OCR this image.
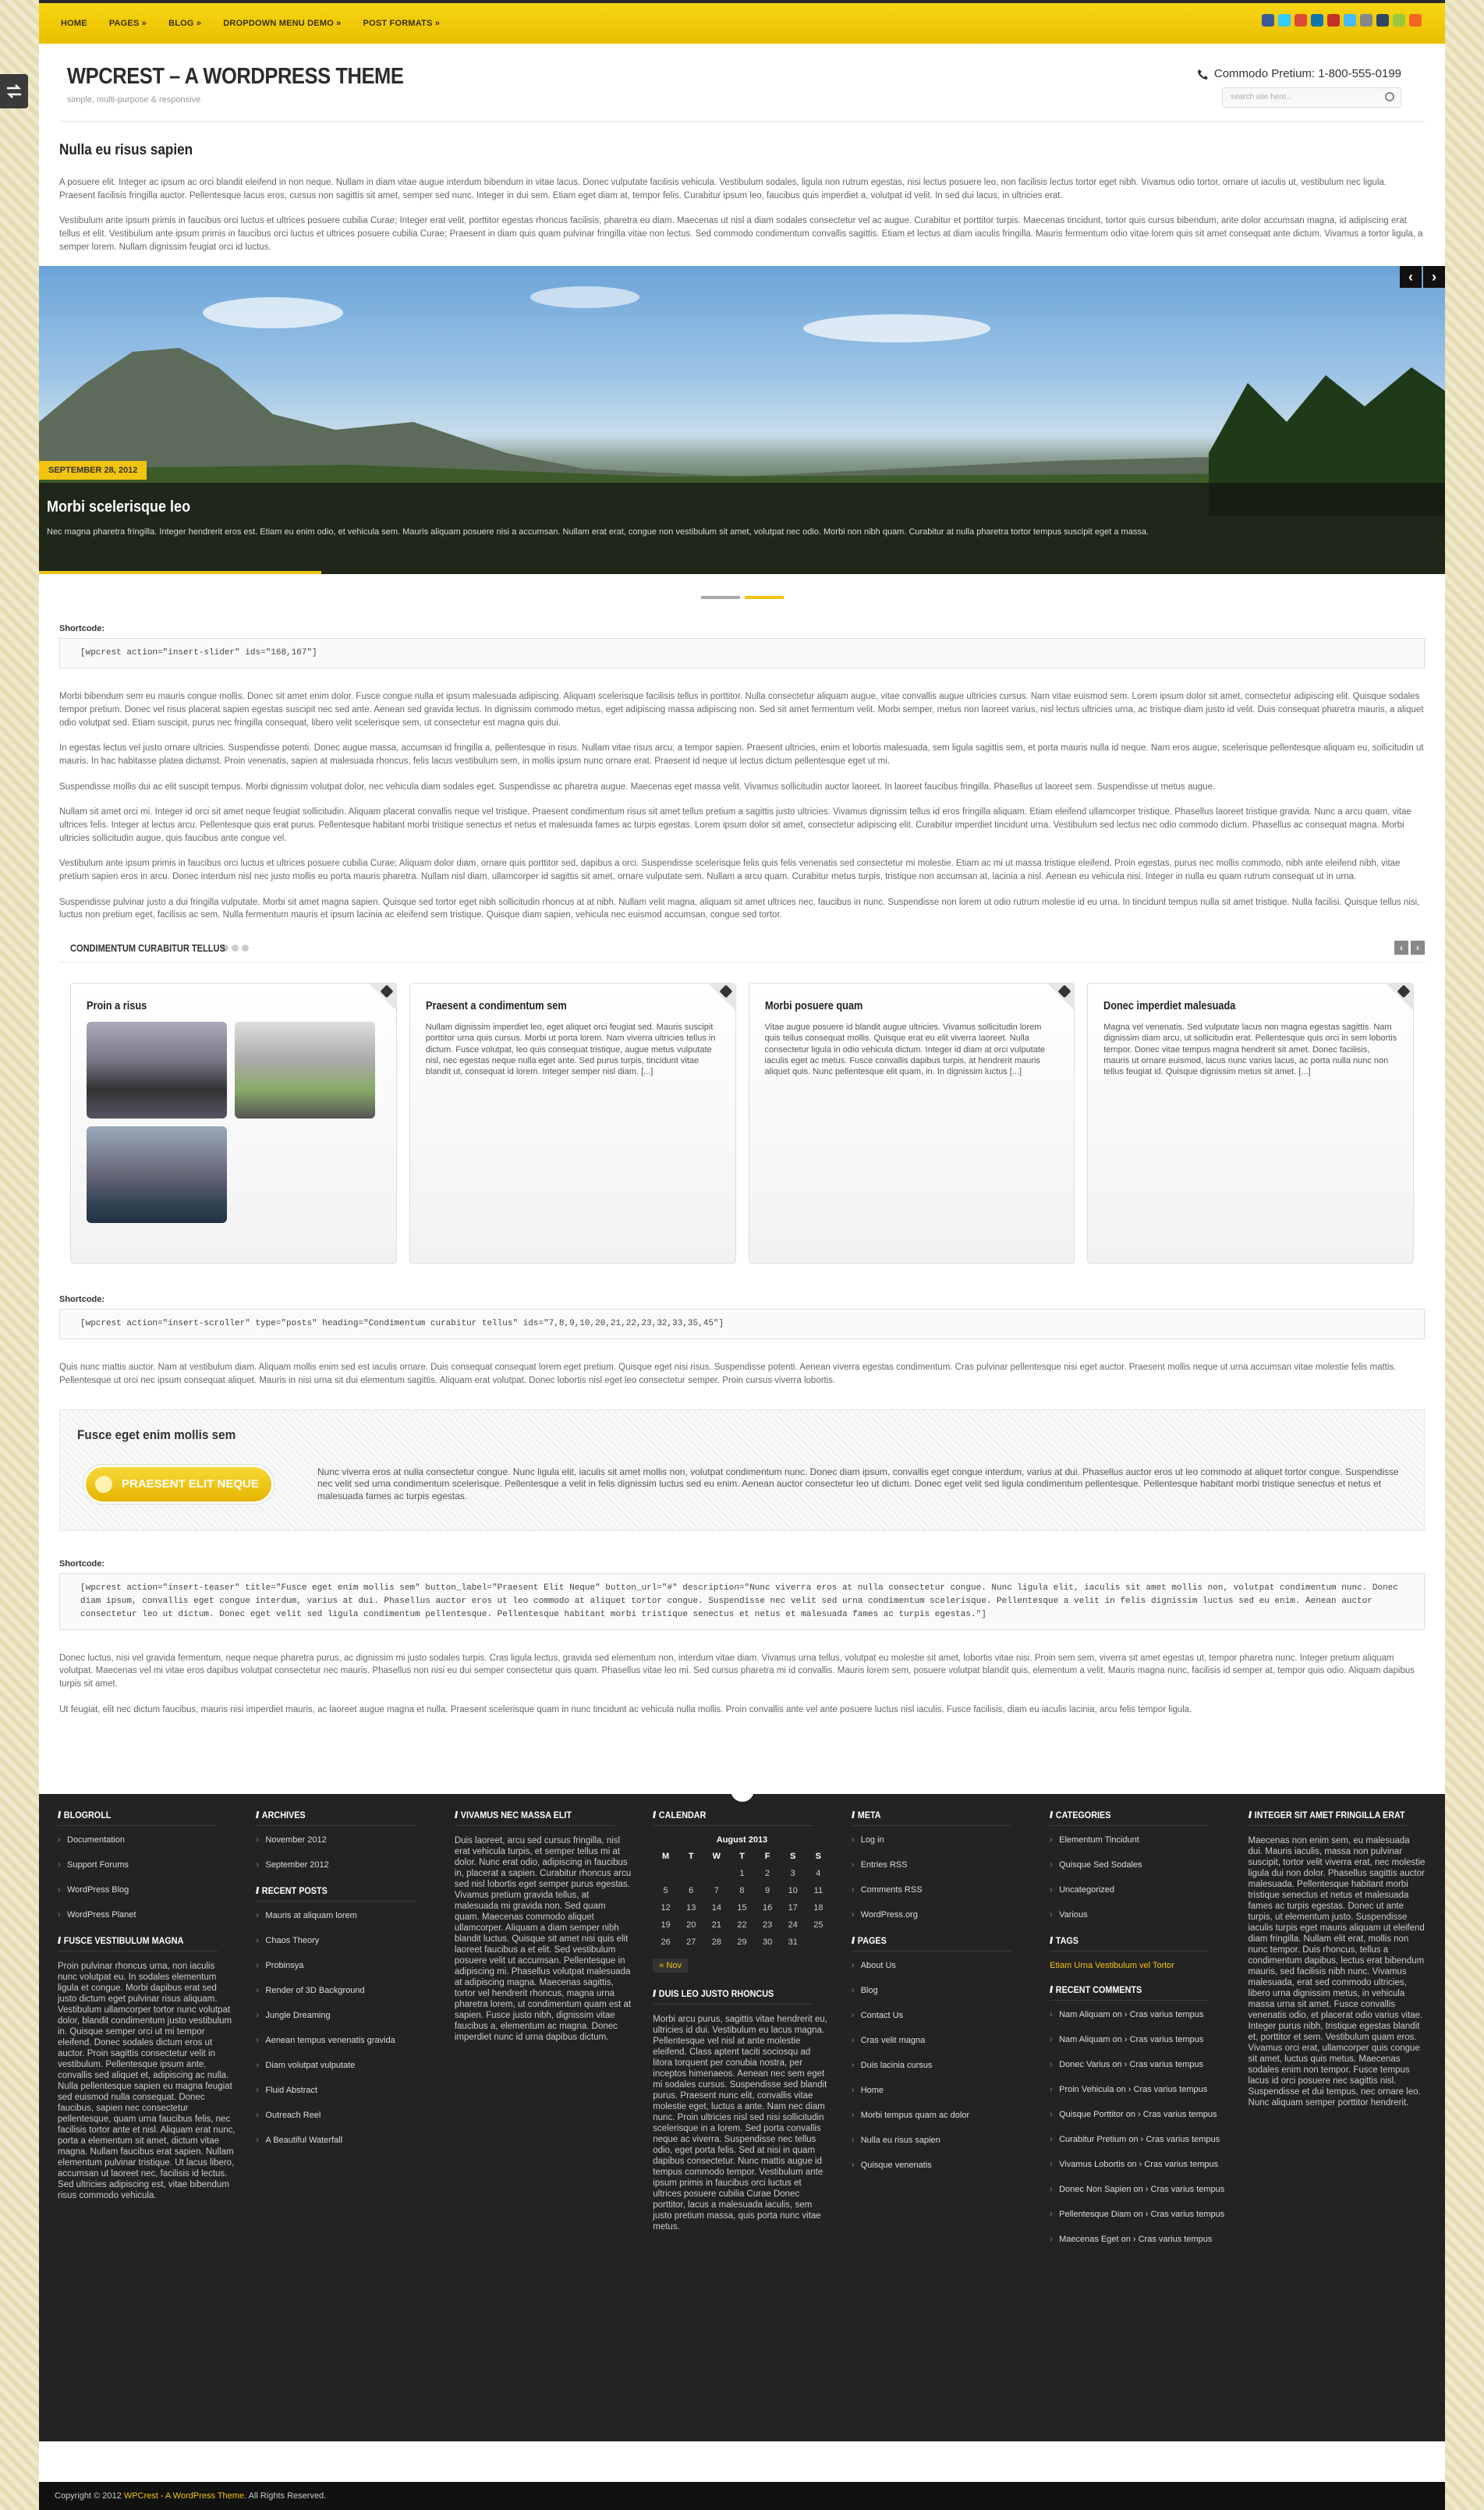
HOME	PAGES »	BLOG »	DROPDOWN MENU DEMO »	POST FORMATS »
WPCREST – A WORDPRESS THEME
simple, multi-purpose & responsive
Commodo Pretium: 1-800-555-0199
search site here...
Nulla eu risus sapien

A posuere elit. Integer ac ipsum ac orci blandit eleifend in non neque. Nullam in diam vitae augue interdum bibendum in vitae lacus. Donec vulputate facilisis vehicula. Vestibulum sodales, ligula non rutrum egestas, nisi lectus posuere leo, non facilisis lectus tortor eget nibh. Vivamus odio tortor, ornare ut iaculis ut, vestibulum nec ligula. Praesent facilisis fringilla auctor. Pellentesque lacus eros, cursus non sagittis sit amet, semper sed nunc. Integer in dui sem. Etiam eget diam at, tempor felis. Curabitur ipsum leo, faucibus quis imperdiet a, volutpat id velit. In sed dui lacus, in ultricies erat.

Vestibulum ante ipsum primis in faucibus orci luctus et ultrices posuere cubilia Curae; Integer erat velit, porttitor egestas rhoncus facilisis, pharetra eu diam. Maecenas ut nisl a diam sodales consectetur vel ac augue. Curabitur et porttitor turpis. Maecenas tincidunt, tortor quis cursus bibendum, ante dolor accumsan magna, id adipiscing erat tellus et elit. Vestibulum ante ipsum primis in faucibus orci luctus et ultrices posuere cubilia Curae; Praesent in diam quis quam pulvinar fringilla vitae non lectus. Sed commodo condimentum convallis sagittis. Etiam et lectus at diam iaculis fringilla. Mauris fermentum odio vitae lorem quis sit amet consequat ante dictum. Vivamus a tortor ligula, a semper lorem. Nullam dignissim feugiat orci id luctus.

‹	›
SEPTEMBER 28, 2012
Morbi scelerisque leo
Nec magna pharetra fringilla. Integer hendrerit eros est. Etiam eu enim odio, et vehicula sem. Mauris aliquam posuere nisi a accumsan. Nullam erat erat, congue non vestibulum sit amet, volutpat nec odio. Morbi non nibh quam. Curabitur at nulla pharetra tortor tempus suscipit eget a massa.
Shortcode:
[wpcrest action="insert-slider" ids="168,167"]

Morbi bibendum sem eu mauris congue mollis. Donec sit amet enim dolor. Fusce congue nulla et ipsum malesuada adipiscing. Aliquam scelerisque facilisis tellus in porttitor. Nulla consectetur aliquam augue, vitae convallis augue ultricies cursus. Nam vitae euismod sem. Lorem ipsum dolor sit amet, consectetur adipiscing elit. Quisque sodales tempor pretium. Donec vel risus placerat sapien egestas suscipit nec sed ante. Aenean sed gravida lectus. In dignissim commodo metus, eget adipiscing massa adipiscing non. Sed sit amet fermentum velit. Morbi semper, metus non laoreet varius, nisl lectus ultricies urna, ac tristique diam justo id velit. Duis consequat pharetra mauris, a aliquet odio volutpat sed. Etiam suscipit, purus nec fringilla consequat, libero velit scelerisque sem, ut consectetur est magna quis dui.

In egestas lectus vel justo ornare ultricies. Suspendisse potenti. Donec augue massa, accumsan id fringilla a, pellentesque in risus. Nullam vitae risus arcu, a tempor sapien. Praesent ultricies, enim et lobortis malesuada, sem ligula sagittis sem, et porta mauris nulla id neque. Nam eros augue, scelerisque pellentesque aliquam eu, sollicitudin ut mauris. In hac habitasse platea dictumst. Proin venenatis, sapien at malesuada rhoncus, felis lacus vestibulum sem, in mollis ipsum nunc ornare erat. Praesent id neque ut lectus dictum pellentesque eget ut mi.

Suspendisse mollis dui ac elit suscipit tempus. Morbi dignissim volutpat dolor, nec vehicula diam sodales eget. Suspendisse ac pharetra augue. Maecenas eget massa velit. Vivamus sollicitudin auctor laoreet. In laoreet faucibus fringilla. Phasellus ut laoreet sem. Suspendisse ut metus augue.

Nullam sit amet orci mi. Integer id orci sit amet neque feugiat sollicitudin. Aliquam placerat convallis neque vel tristique. Praesent condimentum risus sit amet tellus pretium a sagittis justo ultricies. Vivamus dignissim tellus id eros fringilla aliquam. Etiam eleifend ullamcorper tristique. Phasellus laoreet tristique gravida. Nunc a arcu quam, vitae ultrices felis. Integer at lectus arcu. Pellentesque quis erat purus. Pellentesque habitant morbi tristique senectus et netus et malesuada fames ac turpis egestas. Lorem ipsum dolor sit amet, consectetur adipiscing elit. Curabitur imperdiet tincidunt urna. Vestibulum sed lectus nec odio commodo dictum. Phasellus ac consequat magna. Morbi ultricies sollicitudin augue, quis faucibus ante congue vel.

Vestibulum ante ipsum primis in faucibus orci luctus et ultrices posuere cubilia Curae; Aliquam dolor diam, ornare quis porttitor sed, dapibus a orci. Suspendisse scelerisque felis quis felis venenatis sed consectetur mi molestie. Etiam ac mi ut massa tristique eleifend. Proin egestas, purus nec mollis commodo, nibh ante eleifend nibh, vitae pretium sapien eros in arcu. Donec interdum nisl nec justo mollis eu porta mauris pharetra. Nullam nisl diam, ullamcorper id sagittis sit amet, ornare vulputate sem. Nullam a arcu quam. Curabitur metus turpis, tristique non accumsan at, lacinia a nisl. Aenean eu vehicula nisi. Integer in nulla eu quam rutrum consequat ut in urna.

Suspendisse pulvinar justo a dui fringilla vulputate. Morbi sit amet magna sapien. Quisque sed tortor eget nibh sollicitudin rhoncus at at nibh. Nullam velit magna, aliquam sit amet ultrices nec, faucibus in nunc. Suspendisse non lorem ut odio rutrum molestie id eu urna. In tincidunt tempus nulla sit amet tristique. Nulla facilisi. Quisque tellus nisi, luctus non pretium eget, facilisis ac sem. Nulla fermentum mauris et ipsum lacinia ac eleifend sem tristique. Quisque diam sapien, vehicula nec euismod accumsan, congue sed tortor.

CONDIMENTUM CURABITUR TELLUS	‹	›
Proin a risus	Praesent a condimentum sem
Nullam dignissim imperdiet leo, eget aliquet orci feugiat sed. Mauris suscipit porttitor urna quis cursus. Morbi ut porta lorem. Nam viverra ultricies tellus in dictum. Fusce volutpat, leo quis consequat tristique, augue metus vulputate nisl, nec egestas neque nulla eget ante. Sed purus turpis, tincidunt vitae blandit ut, consequat id lorem. Integer semper nisl diam. [...]
Morbi posuere quam
Vitae augue posuere id blandit augue ultricies. Vivamus sollicitudin lorem quis tellus consequat mollis. Quisque erat eu elit viverra laoreet. Nulla consectetur ligula in odio vehicula dictum. Integer id diam at orci vulputate iaculis eget ac metus. Fusce convallis dapibus turpis, at hendrerit mauris aliquet quis. Nunc pellentesque elit quam, in. In dignissim luctus [...]
Donec imperdiet malesuada
Magna vel venenatis. Sed vulputate lacus non magna egestas sagittis. Nam dignissim diam arcu, ut sollicitudin erat. Pellentesque quis orci in sem lobortis tempor. Donec vitae tempus magna hendrerit sit amet. Donec facilisis, mauris ut ornare euismod, lacus nunc varius lacus, ac porta nulla nunc non tellus feugiat id. Quisque dignissim metus sit amet. [...]
Shortcode:
[wpcrest action="insert-scroller" type="posts" heading="Condimentum curabitur tellus" ids="7,8,9,10,20,21,22,23,32,33,35,45"]

Quis nunc mattis auctor. Nam at vestibulum diam. Aliquam mollis enim sed est iaculis ornare. Duis consequat consequat lorem eget pretium. Quisque eget nisi risus. Suspendisse potenti. Aenean viverra egestas condimentum. Cras pulvinar pellentesque nisi eget auctor. Praesent mollis neque ut urna accumsan vitae molestie felis mattis. Pellentesque ut orci nec ipsum consequat aliquet. Mauris in nisi urna sit dui elementum sagittis. Aliquam erat volutpat. Donec lobortis nisl eget leo consectetur semper. Proin cursus viverra lobortis.

Fusce eget enim mollis sem
PRAESENT ELIT NEQUE
Nunc viverra eros at nulla consectetur congue. Nunc ligula elit, iaculis sit amet mollis non, volutpat condimentum nunc. Donec diam ipsum, convallis eget congue interdum, varius at dui. Phasellus auctor eros ut leo commodo at aliquet tortor congue. Suspendisse nec velit sed urna condimentum scelerisque. Pellentesque a velit in felis dignissim luctus sed eu enim. Aenean auctor consectetur leo ut dictum. Donec eget velit sed ligula condimentum pellentesque. Pellentesque habitant morbi tristique senectus et netus et malesuada fames ac turpis egestas.
Shortcode:
[wpcrest action="insert-teaser" title="Fusce eget enim mollis sem" button_label="Praesent Elit Neque" button_url="#" description="Nunc viverra eros at nulla consectetur congue. Nunc ligula elit, iaculis sit amet mollis non, volutpat condimentum nunc. Donec diam ipsum, convallis eget congue interdum, varius at dui. Phasellus auctor eros ut leo commodo at aliquet tortor congue. Suspendisse nec velit sed urna condimentum scelerisque. Pellentesque a velit in felis dignissim luctus sed eu enim. Aenean auctor consectetur leo ut dictum. Donec eget velit sed ligula condimentum pellentesque. Pellentesque habitant morbi tristique senectus et netus et malesuada fames ac turpis egestas."]

Donec luctus, nisi vel gravida fermentum, neque neque pharetra purus, ac dignissim mi justo sodales turpis. Cras ligula lectus, gravida sed elementum non, interdum vitae diam. Vivamus urna tellus, volutpat eu molestie sit amet, lobortis vitae nisi. Proin sem sem, viverra sit amet egestas ut, tempor pharetra nunc. Integer pretium aliquam volutpat. Maecenas vel mi vitae eros dapibus volutpat consectetur nec mauris. Phasellus non nisi eu dui semper consectetur quis quam. Phasellus vitae leo mi. Sed cursus pharetra mi id convallis. Mauris lorem sem, posuere volutpat blandit quis, elementum a velit. Mauris magna nunc, facilisis id semper at, tempor quis odio. Aliquam dapibus turpis sit amet.

Ut feugiat, elit nec dictum faucibus, mauris nisi imperdiet mauris, ac laoreet augue magna et nulla. Praesent scelerisque quam in nunc tincidunt ac vehicula nulla mollis. Proin convallis ante vel ante posuere luctus nisl iaculis. Fusce facilisis, diam eu iaculis lacinia, arcu felis tempor ligula.

// BLOGROLL
› Documentation
› Support Forums
› WordPress Blog
› WordPress Planet
// FUSCE VESTIBULUM MAGNA
Proin pulvinar rhoncus urna, non iaculis nunc volutpat eu. In sodales elementum ligula et congue. Morbi dapibus erat sed justo dictum eget pulvinar risus aliquam. Vestibulum ullamcorper tortor nunc volutpat dolor, blandit condimentum justo vestibulum in. Quisque semper orci ut mi tempor eleifend. Donec sodales dictum eros ut auctor. Proin sagittis consectetur velit in vestibulum. Pellentesque ipsum ante, convallis sed aliquet et, adipiscing ac nulla. Nulla pellentesque sapien eu magna feugiat sed euismod nulla consequat. Donec faucibus, sapien nec consectetur pellentesque, quam urna faucibus felis, nec facilisis tortor ante et nisl. Aliquam erat nunc, porta a elementum sit amet, dictum vitae magna. Nullam faucibus erat sapien. Nullam elementum pulvinar tristique. Ut lacus libero, accumsan ut laoreet nec, facilisis id lectus. Sed ultricies adipiscing est, vitae bibendum risus commodo vehicula.
// ARCHIVES
› November 2012
› September 2012
// RECENT POSTS
› Mauris at aliquam lorem
› Chaos Theory
› Probinsya
› Render of 3D Background
› Jungle Dreaming
› Aenean tempus venenatis gravida
› Diam volutpat vulputate
› Fluid Abstract
› Outreach Reel
› A Beautiful Waterfall
// VIVAMUS NEC MASSA ELIT
Duis laoreet, arcu sed cursus fringilla, nisl erat vehicula turpis, et semper tellus mi at dolor. Nunc erat odio, adipiscing in faucibus in, placerat a sapien. Curabitur rhoncus arcu sed nisl lobortis eget semper purus egestas. Vivamus pretium gravida tellus, at malesuada mi gravida non. Sed quam quam. Maecenas commodo aliquet ullamcorper. Aliquam a diam semper nibh blandit luctus. Quisque sit amet nisi quis elit laoreet faucibus a et elit. Sed vestibulum posuere velit ut accumsan. Pellentesque in adipiscing mi. Phasellus volutpat malesuada at adipiscing magna. Maecenas sagittis, tortor vel hendrerit rhoncus, magna urna pharetra lorem, ut condimentum quam est at sapien. Fusce justo nibh, dignissim vitae faucibus a, elementum ac magna. Donec imperdiet nunc id urna dapibus dictum.
// CALENDAR
August 2013
M	T	W	T	F	S	S
			1	2	3	4
5	6	7	8	9	10	11
12	13	14	15	16	17	18
19	20	21	22	23	24	25
26	27	28	29	30	31	
« Nov
// DUIS LEO JUSTO RHONCUS
Morbi arcu purus, sagittis vitae hendrerit eu, ultricies id dui. Vestibulum eu lacus magna. Pellentesque vel nisl at ante molestie eleifend. Class aptent taciti sociosqu ad litora torquent per conubia nostra, per inceptos himenaeos. Aenean nec sem eget mi sodales cursus. Suspendisse sed blandit purus. Praesent nunc elit, convallis vitae molestie eget, luctus a ante. Nam nec diam nunc. Proin ultricies nisl sed nisi sollicitudin scelerisque in a lorem. Sed porta convallis neque ac viverra. Suspendisse nec tellus odio, eget porta felis. Sed at nisi in quam dapibus consectetur. Nunc mattis augue id tempus commodo tempor. Vestibulum ante ipsum primis in faucibus orci luctus et ultrices posuere cubilia Curae Donec porttitor, lacus a malesuada iaculis, sem justo pretium massa, quis porta nunc vitae metus.
// META
› Log in
› Entries RSS
› Comments RSS
› WordPress.org
// PAGES
› About Us
› Blog
› Contact Us
› Cras velit magna
› Duis lacinia cursus
› Home
› Morbi tempus quam ac dolor
› Nulla eu risus sapien
› Quisque venenatis
// CATEGORIES
› Elementum Tincidunt
› Quisque Sed Sodales
› Uncategorized
› Various
// TAGS
Etiam Urna Vestibulum vel Tortor
// RECENT COMMENTS
› Nam Aliquam on › Cras varius tempus
› Nam Aliquam on › Cras varius tempus
› Donec Varius on › Cras varius tempus
› Proin Vehicula on › Cras varius tempus
› Quisque Porttitor on › Cras varius tempus
› Curabitur Pretium on › Cras varius tempus
› Vivamus Lobortis on › Cras varius tempus
› Donec Non Sapien on › Cras varius tempus
› Pellentesque Diam on › Cras varius tempus
› Maecenas Eget on › Cras varius tempus
// INTEGER SIT AMET FRINGILLA ERAT
Maecenas non enim sem, eu malesuada dui. Mauris iaculis, massa non pulvinar suscipit, tortor velit viverra erat, nec molestie ligula dui non dolor. Phasellus sagittis auctor malesuada. Pellentesque habitant morbi tristique senectus et netus et malesuada fames ac turpis egestas. Donec ut ante turpis, ut elementum justo. Suspendisse iaculis turpis eget mauris aliquam ut eleifend diam fringilla. Nullam elit erat, mollis non nunc tempor. Duis rhoncus, tellus a condimentum dapibus, lectus erat bibendum mauris, sed facilisis nibh nunc. Vivamus malesuada, erat sed commodo ultricies, libero urna dignissim metus, in vehicula massa urna sit amet. Fusce convallis venenatis odio, et placerat odio varius vitae. Integer purus nibh, tristique egestas blandit et, porttitor et sem. Vestibulum quam eros. Vivamus orci erat, ullamcorper quis congue sit amet, luctus quis metus. Maecenas sodales enim non tempor. Fusce tempus lacus id orci posuere nec sagittis nisl. Suspendisse et dui tempus, nec ornare leo. Nunc aliquam semper porttitor hendrerit.
Copyright © 2012 WPCrest - A WordPress Theme. All Rights Reserved.
